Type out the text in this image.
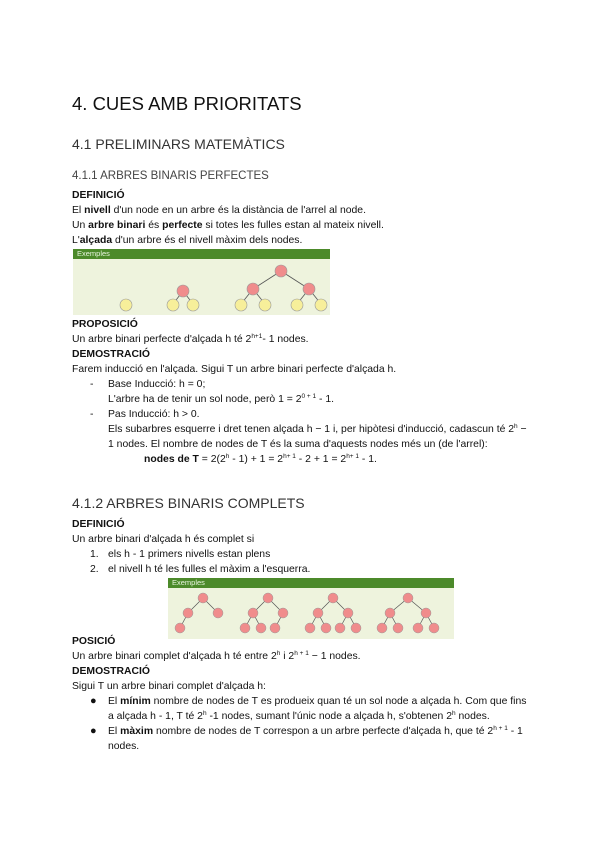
4. CUES AMB PRIORITATS
4.1 PRELIMINARS MATEMÀTICS
4.1.1 ARBRES BINARIS PERFECTES
DEFINICIÓ
El nivell d'un node en un arbre és la distància de l'arrel al node.
Un arbre binari és perfecte si totes les fulles estan al mateix nivell.
L'alçada d'un arbre és el nivell màxim dels nodes.
Exemples
PROPOSICIÓ
Un arbre binari perfecte d'alçada h té $2^{h+1}-$ 1 nodes.
DEMOSTRACIÓ
Farem inducció en l'alçada. Sigui T un arbre binari perfecte d'alçada h.
- Base Inducció: h = 0;
L'arbre ha de tenir un sol node, però $1 = 2^{0 + 1} - 1$.
- Pas Inducció: h > 0.
Els subarbres esquerre i dret tenen alçada h − 1 i, per hipòtesi d'inducció, cadascun té $2^h - 1$ nodes. El nombre de nodes de T és la suma d'aquests nodes més un (de l'arrel):
nodes de $T = 2(2^h - 1) + 1 = 2^{h+ 1} - 2 + 1 = 2^{h+ 1} - 1$.
4.1.2 ARBRES BINARIS COMPLETS
DEFINICIÓ
Un arbre binari d'alçada h és complet si
1. els h - 1 primers nivells estan plens
2. el nivell h té les fulles el màxim a l'esquerra.
Exemples
POSICIÓ
Un arbre binari complet d'alçada h té entre 2$^h$ i $2^{h + 1} - 1$ nodes.
DEMOSTRACIÓ
Sigui T un arbre binari complet d'alçada h:
● El mínim nombre de nodes de T es produeix quan té un sol node a alçada h. Com que fins a alçada h - 1, T té 2$^h$ -1 nodes, sumant l'únic node a alçada h, s'obtenen 2$^h$ nodes.
● El màxim nombre de nodes de T correspon a un arbre perfecte d'alçada h, que té $2^{h + 1} - 1$ nodes.
